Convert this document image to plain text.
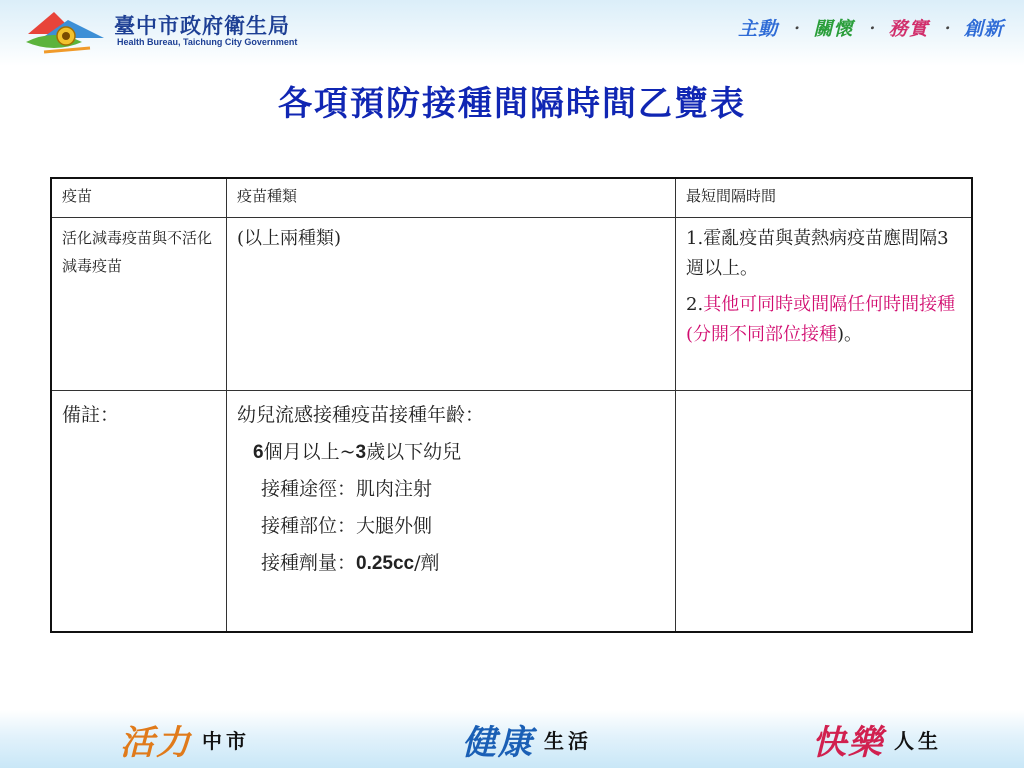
臺中市政府衛生局
Health Bureau, Taichung City Government
主動 ‧ 關懷 ‧ 務實 ‧ 創新
各項預防接種間隔時間乙覽表
疫苗	疫苗種類	最短間隔時間
活化減毒疫苗與不活化減毒疫苗	(以上兩種類)	1.霍亂疫苗與黃熱病疫苗應間隔3週以上。
2.其他可同時或間隔任何時間接種(分開不同部位接種)。

備註：	幼兒流感接種疫苗接種年齡：
6個月以上~3歲以下幼兒
接種途徑：肌肉注射
接種部位：大腿外側
接種劑量：0.25cc/劑	

活力 中市	健康 生活	快樂 人生
